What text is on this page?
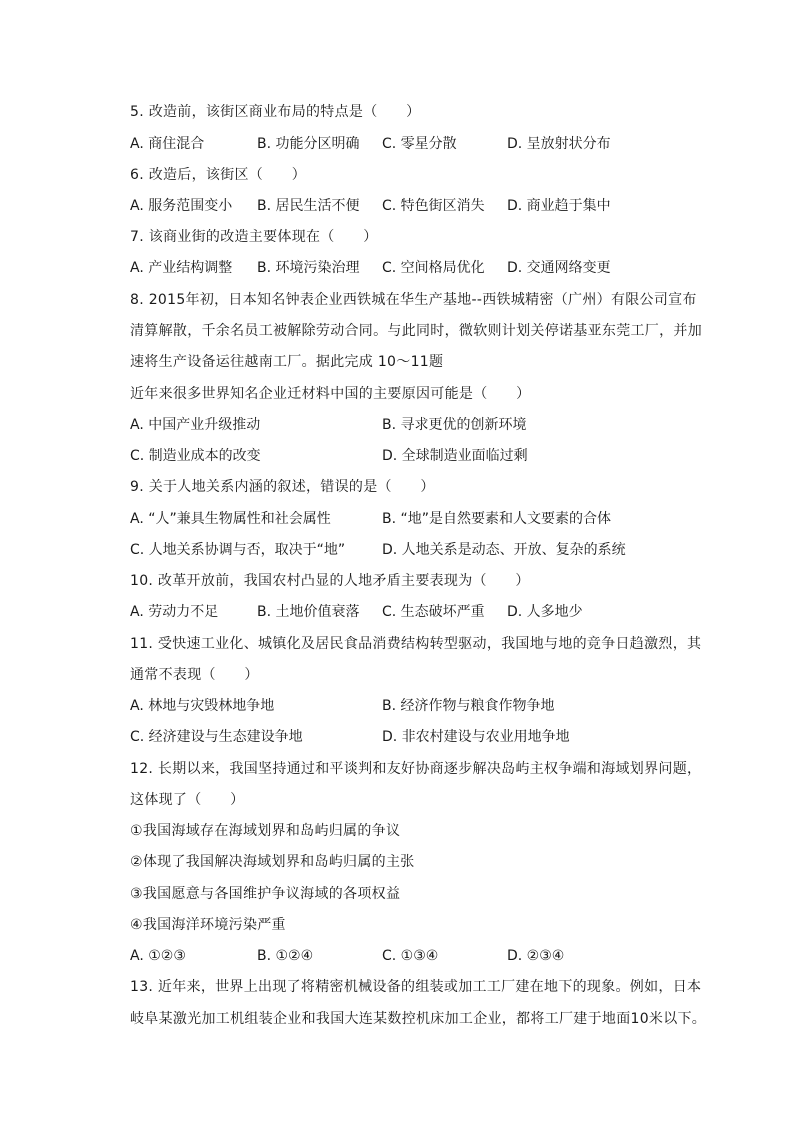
5. 改造前，该街区商业布局的特点是（　　）
A. 商住混合	B. 功能分区明确 C. 零星分散	D. 呈放射状分布
6. 改造后，该街区（　　）
A. 服务范围变小 B. 居民生活不便 C. 特色街区消失 D. 商业趋于集中
7. 该商业街的改造主要体现在（　　）
A. 产业结构调整 B. 环境污染治理 C. 空间格局优化 D. 交通网络变更
8. 2015年初，日本知名钟表企业西铁城在华生产基地--西铁城精密（广州）有限公司宣布
清算解散，千余名员工被解除劳动合同。与此同时，微软则计划关停诺基亚东莞工厂，并加
速将生产设备运往越南工厂。据此完成 10～11题
近年来很多世界知名企业迁材料中国的主要原因可能是（　　）
A. 中国产业升级推动	B. 寻求更优的创新环境
C. 制造业成本的改变	D. 全球制造业面临过剩
9. 关于人地关系内涵的叙述，错误的是（　　）
A. “人”兼具生物属性和社会属性	B. “地”是自然要素和人文要素的合体
C. 人地关系协调与否，取决于“地”	D. 人地关系是动态、开放、复杂的系统
10. 改革开放前，我国农村凸显的人地矛盾主要表现为（　　）
A. 劳动力不足	B. 土地价值衰落 C. 生态破坏严重 D. 人多地少
11. 受快速工业化、城镇化及居民食品消费结构转型驱动，我国地与地的竞争日趋激烈，其
通常不表现（　　）
A. 林地与灾毁林地争地	B. 经济作物与粮食作物争地
C. 经济建设与生态建设争地	D. 非农村建设与农业用地争地
12. 长期以来，我国坚持通过和平谈判和友好协商逐步解决岛屿主权争端和海域划界问题，
这体现了（　　）
①我国海域存在海域划界和岛屿归属的争议
②体现了我国解决海域划界和岛屿归属的主张
③我国愿意与各国维护争议海域的各项权益
④我国海洋环境污染严重
A. ①②③	B. ①②④	C. ①③④	D. ②③④
13. 近年来，世界上出现了将精密机械设备的组装或加工工厂建在地下的现象。例如，日本
岐阜某激光加工机组装企业和我国大连某数控机床加工企业，都将工厂建于地面10米以下。
